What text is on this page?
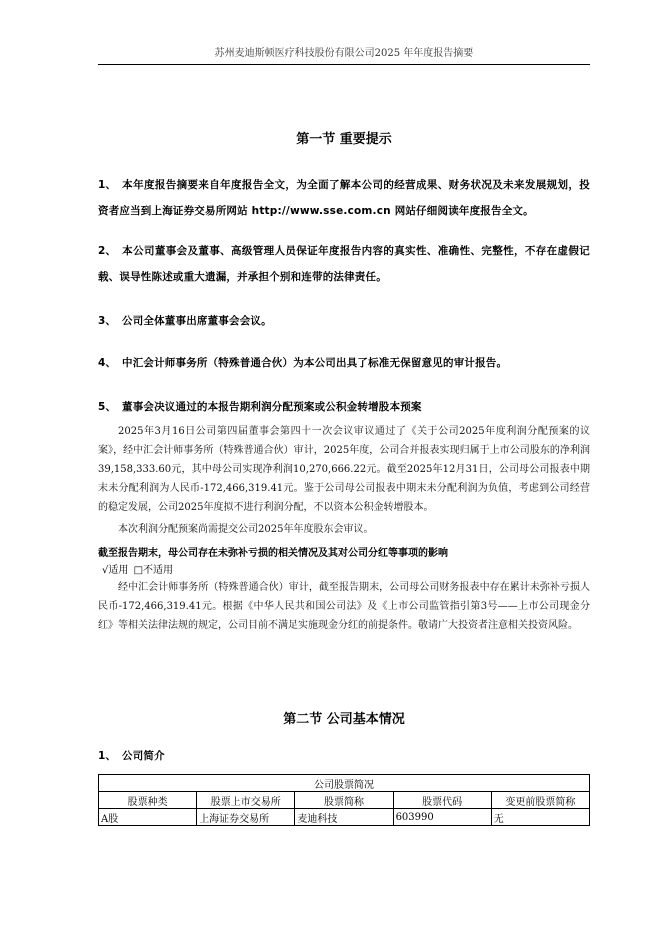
苏州麦迪斯顿医疗科技股份有限公司2025 年年度报告摘要
第一节 重要提示
1、 本年度报告摘要来自年度报告全文，为全面了解本公司的经营成果、财务状况及未来发展规划，投资者应当到上海证券交易所网站 http://www.sse.com.cn 网站仔细阅读年度报告全文。
2、 本公司董事会及董事、高级管理人员保证年度报告内容的真实性、准确性、完整性，不存在虚假记载、误导性陈述或重大遗漏，并承担个别和连带的法律责任。
3、 公司全体董事出席董事会会议。
4、 中汇会计师事务所（特殊普通合伙）为本公司出具了标准无保留意见的审计报告。
5、 董事会决议通过的本报告期利润分配预案或公积金转增股本预案
2025年3月16日公司第四届董事会第四十一次会议审议通过了《关于公司2025年度利润分配预案的议案》，经中汇会计师事务所（特殊普通合伙）审计，2025年度，公司合并报表实现归属于上市公司股东的净利润39,158,333.60元，其中母公司实现净利润10,270,666.22元。截至2025年12月31日，公司母公司报表中期末未分配利润为人民币-172,466,319.41元。鉴于公司母公司报表中期末未分配利润为负值，考虑到公司经营的稳定发展，公司2025年度拟不进行利润分配，不以资本公积金转增股本。
本次利润分配预案尚需提交公司2025年年度股东会审议。
截至报告期末，母公司存在未弥补亏损的相关情况及其对公司分红等事项的影响
√适用 □不适用
经中汇会计师事务所（特殊普通合伙）审计，截至报告期末，公司母公司财务报表中存在累计未弥补亏损人民币-172,466,319.41元。根据《中华人民共和国公司法》及《上市公司监管指引第3号——上市公司现金分红》等相关法律法规的规定，公司目前不满足实施现金分红的前提条件。敬请广大投资者注意相关投资风险。
第二节 公司基本情况
1、 公司简介
公司股票简况				
股票种类	股票上市交易所	股票简称	股票代码	变更前股票简称
A股	上海证券交易所	麦迪科技	603990	无
